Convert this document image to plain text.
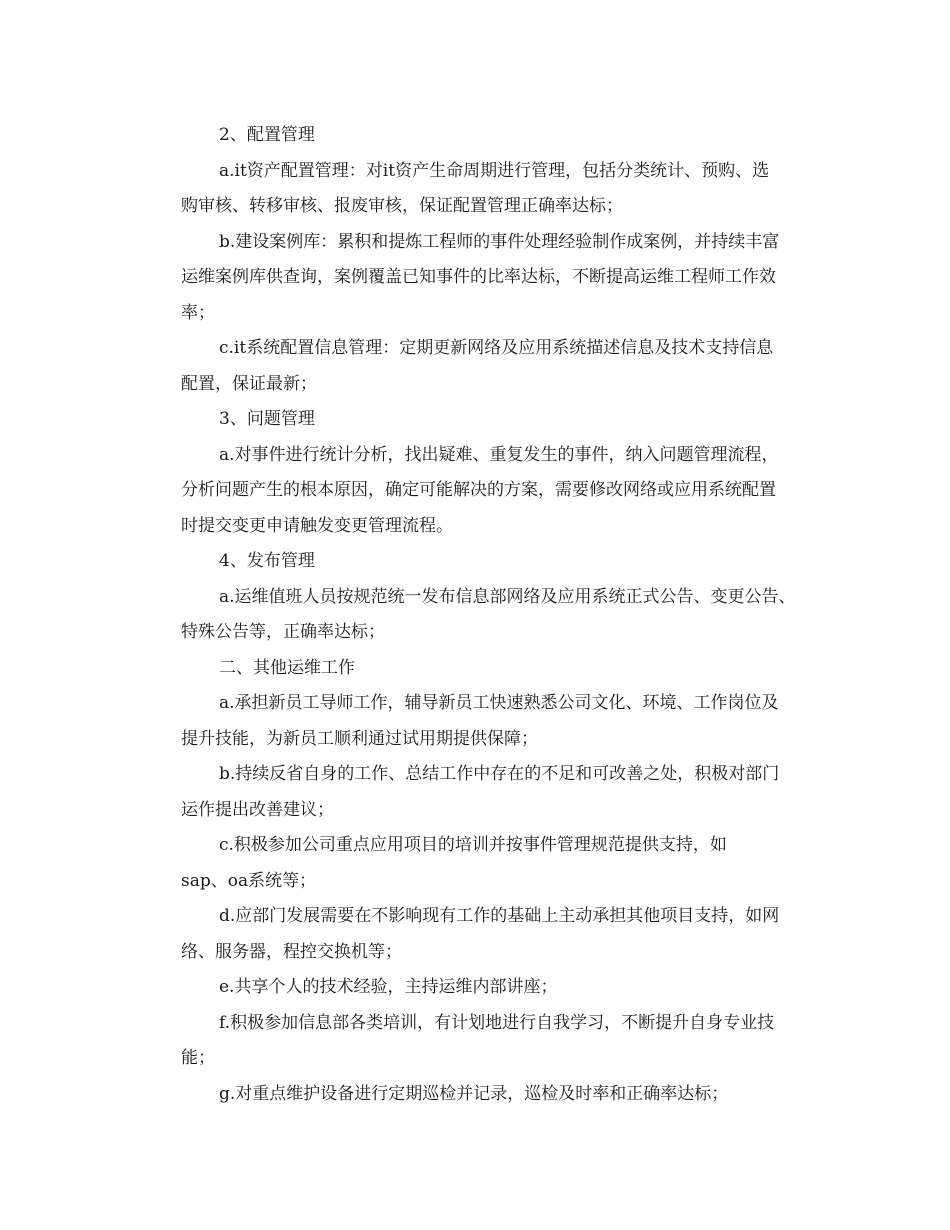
2、配置管理
a.it资产配置管理：对it资产生命周期进行管理，包括分类统计、预购、选
购审核、转移审核、报废审核，保证配置管理正确率达标；
b.建设案例库：累积和提炼工程师的事件处理经验制作成案例，并持续丰富
运维案例库供查询，案例覆盖已知事件的比率达标，不断提高运维工程师工作效
率；
c.it系统配置信息管理：定期更新网络及应用系统描述信息及技术支持信息
配置，保证最新；
3、问题管理
a.对事件进行统计分析，找出疑难、重复发生的事件，纳入问题管理流程，
分析问题产生的根本原因，确定可能解决的方案，需要修改网络或应用系统配置
时提交变更申请触发变更管理流程。
4、发布管理
a.运维值班人员按规范统一发布信息部网络及应用系统正式公告、变更公告、
特殊公告等，正确率达标；
二、其他运维工作
a.承担新员工导师工作，辅导新员工快速熟悉公司文化、环境、工作岗位及
提升技能，为新员工顺利通过试用期提供保障；
b.持续反省自身的工作、总结工作中存在的不足和可改善之处，积极对部门
运作提出改善建议；
c.积极参加公司重点应用项目的培训并按事件管理规范提供支持，如
sap、oa系统等；
d.应部门发展需要在不影响现有工作的基础上主动承担其他项目支持，如网
络、服务器，程控交换机等；
e.共享个人的技术经验，主持运维内部讲座；
f.积极参加信息部各类培训，有计划地进行自我学习，不断提升自身专业技
能；
g.对重点维护设备进行定期巡检并记录，巡检及时率和正确率达标；
